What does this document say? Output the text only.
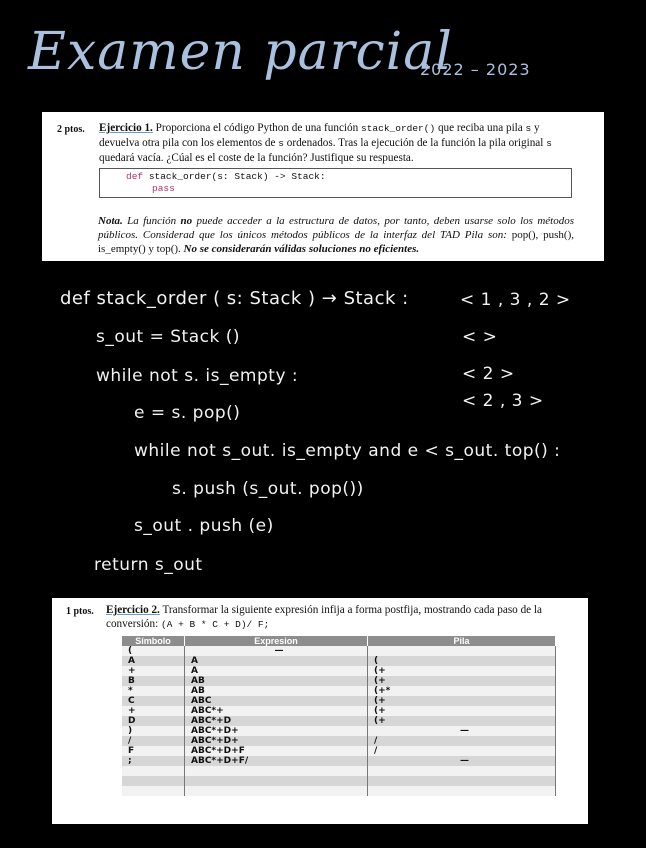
Examen parcial
2022 – 2023
2 ptos. Ejercicio 1. Proporciona el código Python de una función stack_order() que reciba una pila s y devuelva otra pila con los elementos de s ordenados. Tras la ejecución de la función la pila original s quedará vacía. ¿Cúal es el coste de la función? Justifique su respuesta.
def stack_order(s: Stack) -> Stack:
pass
Nota. La función no puede acceder a la estructura de datos, por tanto, deben usarse solo los métodos públicos. Considerad que los únicos métodos públicos de la interfaz del TAD Pila son: pop(), push(), is_empty() y top(). No se considerarán válidas soluciones no eficientes.
def stack_order ( s: Stack ) → Stack :
s_out = Stack ()
while not s. is_empty :
e = s. pop()
while not s_out. is_empty and e < s_out. top() :
s. push (s_out. pop())
s_out . push (e)
return s_out
< 1 , 3 , 2 >
< >
< 2 >
< 2 , 3 >
1 ptos. Ejercicio 2. Transformar la siguiente expresión infija a forma postfija, mostrando cada paso de la conversión: (A + B * C + D)/ F;
Símbolo	Expresion	Pila
(	—	
A	A	(
+	A	(+
B	AB	(+
*	AB	(+*
C	ABC	(+
+	ABC*+	(+
D	ABC*+D	(+
)	ABC*+D+	—
/	ABC*+D+	/
F	ABC*+D+F	/
;	ABC*+D+F/	—
